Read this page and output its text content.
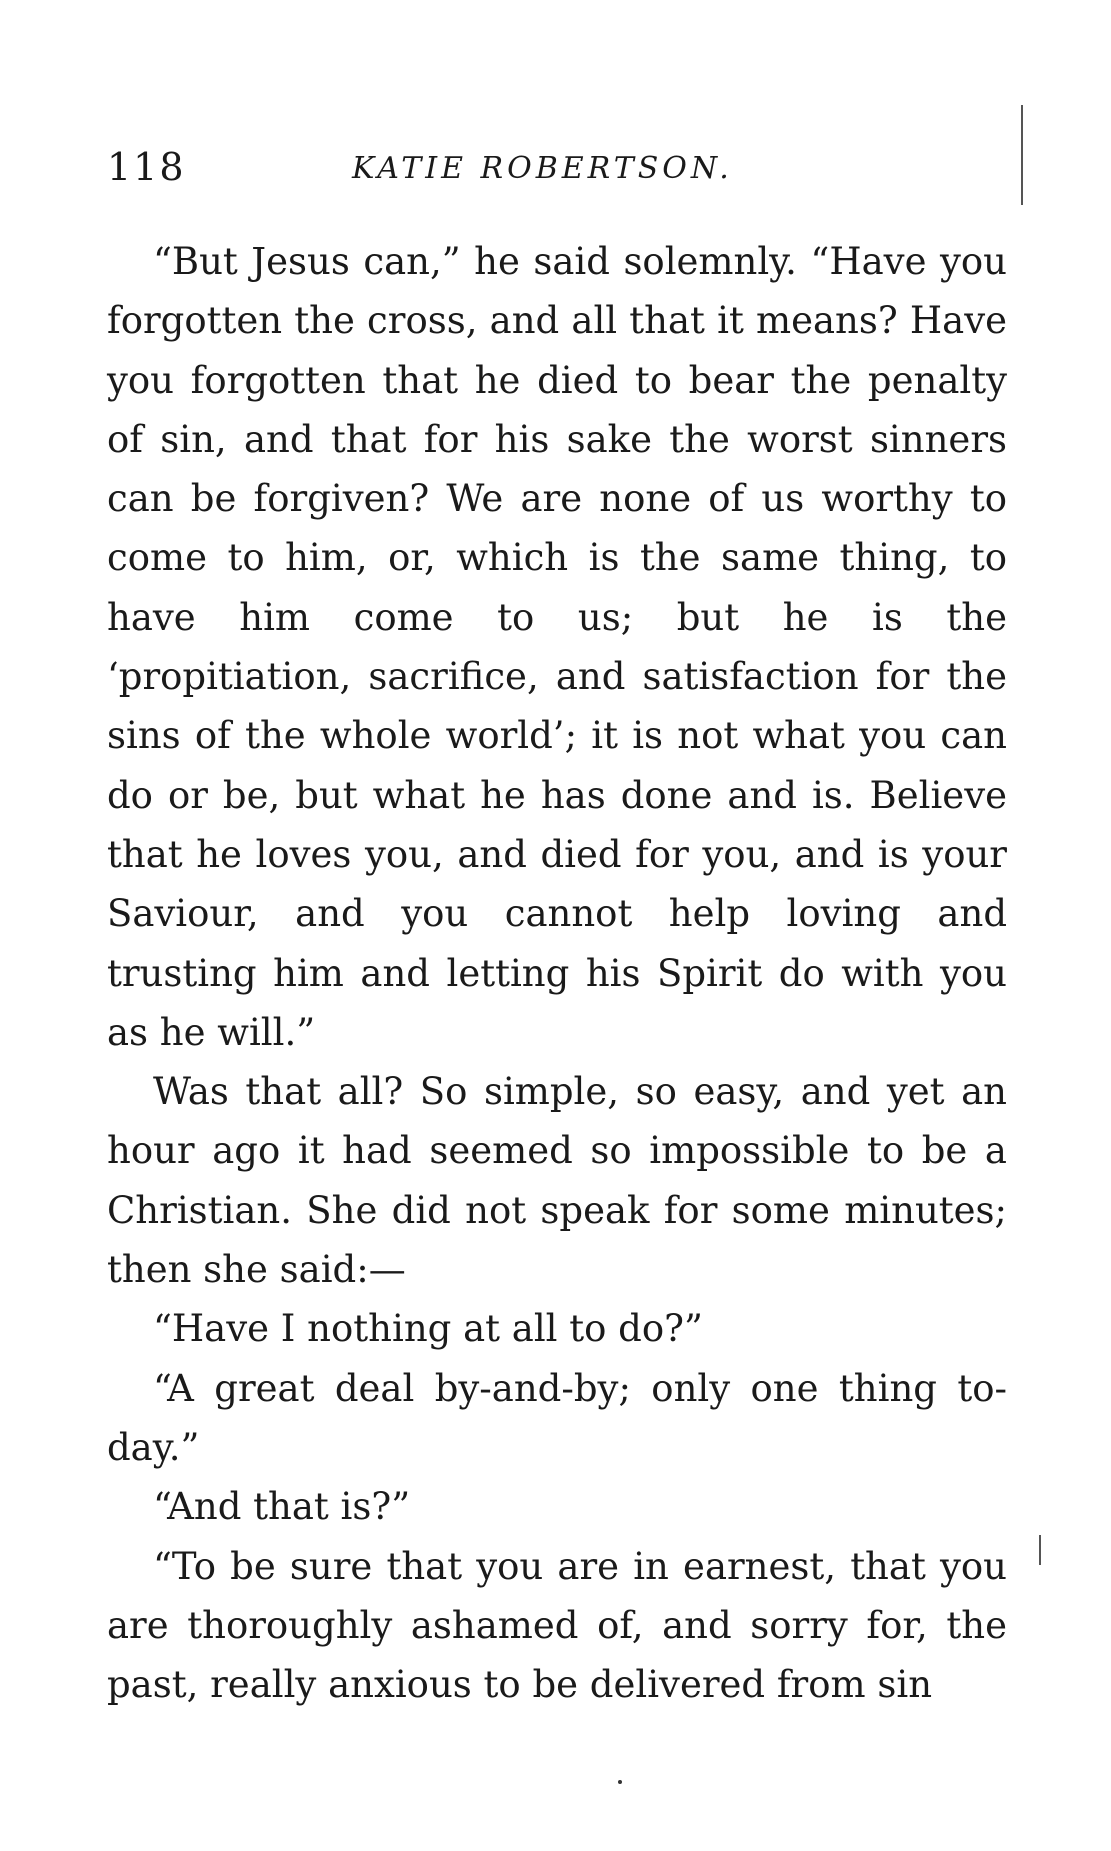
118	KATIE ROBERTSON.

“But Jesus can,” he said solemnly. “Have you forgotten the cross, and all that it means? Have you forgotten that he died to bear the penalty of sin, and that for his sake the worst sinners can be forgiven? We are none of us worthy to come to him, or, which is the same thing, to have him come to us; but he is the ‘propitiation, sacrifice, and satisfaction for the sins of the whole world’; it is not what you can do or be, but what he has done and is. Believe that he loves you, and died for you, and is your Saviour, and you cannot help loving and trusting him and letting his Spirit do with you as he will.”

Was that all? So simple, so easy, and yet an hour ago it had seemed so impossible to be a Christian. She did not speak for some minutes; then she said:—

“Have I nothing at all to do?”

“A great deal by-and-by; only one thing to-day.”

“And that is?”

“To be sure that you are in earnest, that you are thoroughly ashamed of, and sorry for, the past, really anxious to be delivered from sin
